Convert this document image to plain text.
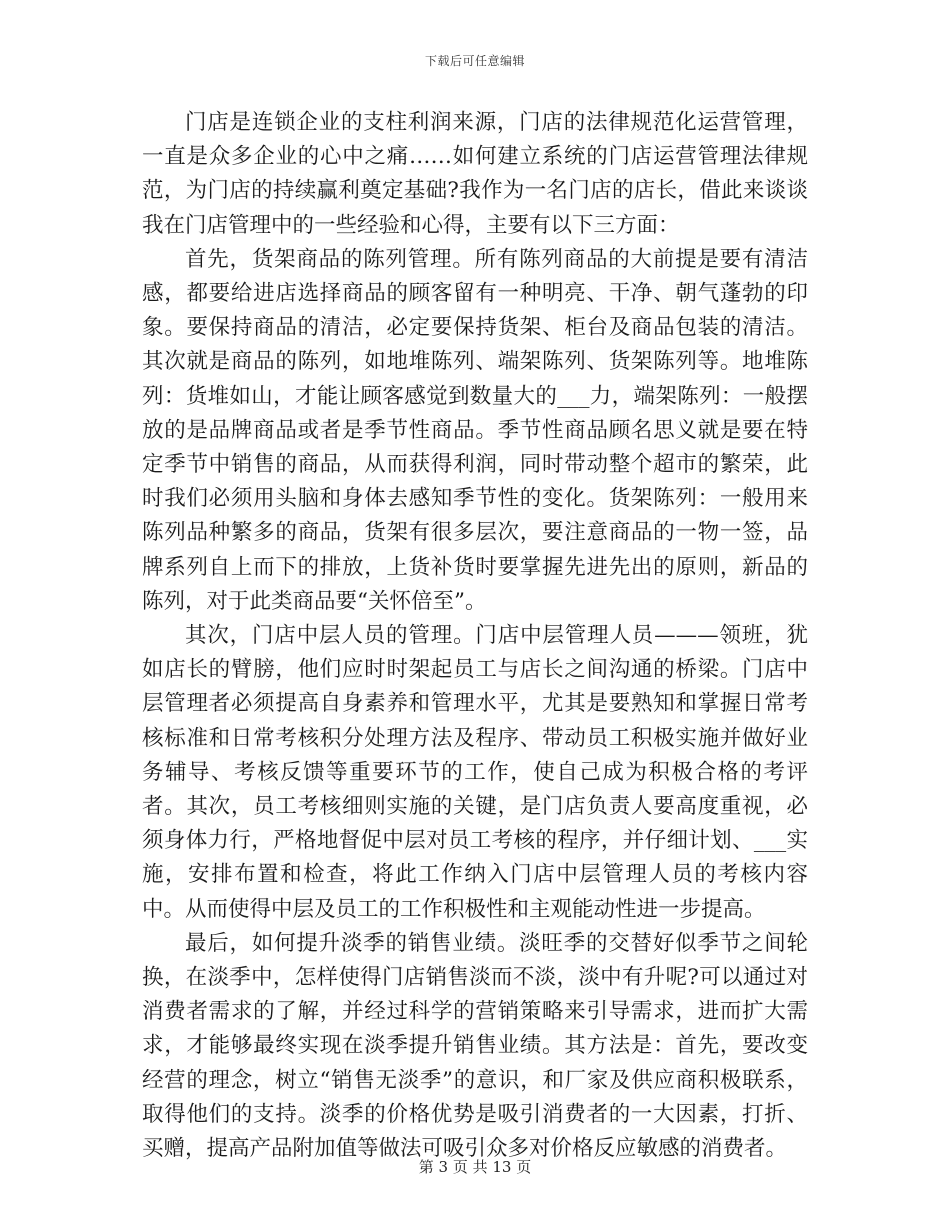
下载后可任意编辑

门店是连锁企业的支柱利润来源，门店的法律规范化运营管理，一直是众多企业的心中之痛……如何建立系统的门店运营管理法律规范，为门店的持续赢利奠定基础?我作为一名门店的店长，借此来谈谈我在门店管理中的一些经验和心得，主要有以下三方面：

首先，货架商品的陈列管理。所有陈列商品的大前提是要有清洁感，都要给进店选择商品的顾客留有一种明亮、干净、朝气蓬勃的印象。要保持商品的清洁，必定要保持货架、柜台及商品包装的清洁。其次就是商品的陈列，如地堆陈列、端架陈列、货架陈列等。地堆陈列：货堆如山，才能让顾客感觉到数量大的___力，端架陈列：一般摆放的是品牌商品或者是季节性商品。季节性商品顾名思义就是要在特定季节中销售的商品，从而获得利润，同时带动整个超市的繁荣，此时我们必须用头脑和身体去感知季节性的变化。货架陈列：一般用来陈列品种繁多的商品，货架有很多层次，要注意商品的一物一签，品牌系列自上而下的排放，上货补货时要掌握先进先出的原则，新品的陈列，对于此类商品要“关怀倍至”。

其次，门店中层人员的管理。门店中层管理人员———领班，犹如店长的臂膀，他们应时时架起员工与店长之间沟通的桥梁。门店中层管理者必须提高自身素养和管理水平，尤其是要熟知和掌握日常考核标准和日常考核积分处理方法及程序、带动员工积极实施并做好业务辅导、考核反馈等重要环节的工作，使自己成为积极合格的考评者。其次，员工考核细则实施的关键，是门店负责人要高度重视，必须身体力行，严格地督促中层对员工考核的程序，并仔细计划、___实施，安排布置和检查，将此工作纳入门店中层管理人员的考核内容中。从而使得中层及员工的工作积极性和主观能动性进一步提高。

最后，如何提升淡季的销售业绩。淡旺季的交替好似季节之间轮换，在淡季中，怎样使得门店销售淡而不淡，淡中有升呢?可以通过对消费者需求的了解，并经过科学的营销策略来引导需求，进而扩大需求，才能够最终实现在淡季提升销售业绩。其方法是：首先，要改变经营的理念，树立“销售无淡季”的意识，和厂家及供应商积极联系，取得他们的支持。淡季的价格优势是吸引消费者的一大因素，打折、买赠，提高产品附加值等做法可吸引众多对价格反应敏感的消费者。

第 3 页 共 13 页
